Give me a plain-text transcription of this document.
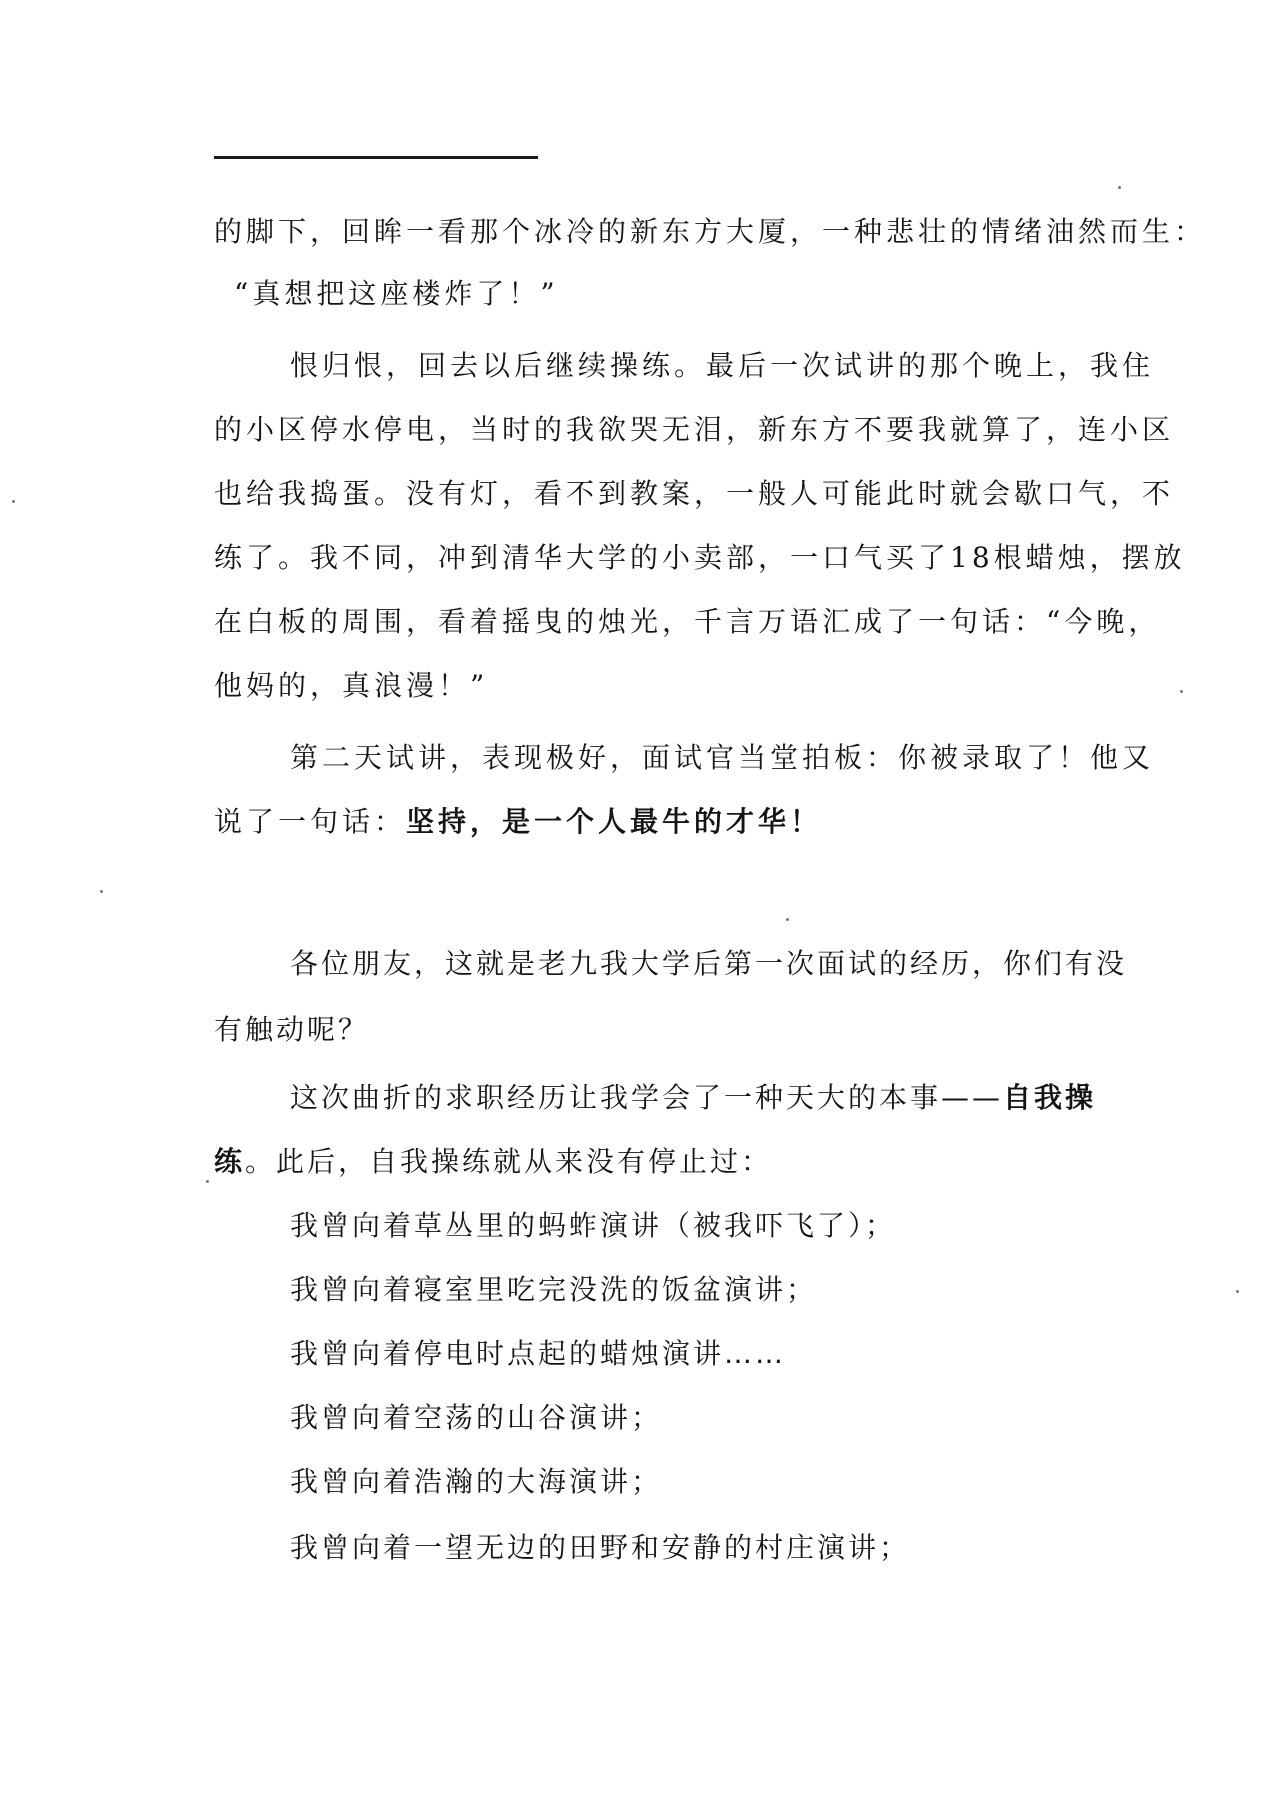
的脚下，回眸一看那个冰冷的新东方大厦，一种悲壮的情绪油然而生：
“真想把这座楼炸了！”
恨归恨，回去以后继续操练。最后一次试讲的那个晚上，我住
的小区停水停电，当时的我欲哭无泪，新东方不要我就算了，连小区
也给我捣蛋。没有灯，看不到教案，一般人可能此时就会歇口气，不
练了。我不同，冲到清华大学的小卖部，一口气买了18根蜡烛，摆放
在白板的周围，看着摇曳的烛光，千言万语汇成了一句话：“今晚，
他妈的，真浪漫！”
第二天试讲，表现极好，面试官当堂拍板：你被录取了！他又
说了一句话：坚持，是一个人最牛的才华！
各位朋友，这就是老九我大学后第一次面试的经历，你们有没
有触动呢？
这次曲折的求职经历让我学会了一种天大的本事——自我操
练。此后，自我操练就从来没有停止过：
我曾向着草丛里的蚂蚱演讲（被我吓飞了）；
我曾向着寝室里吃完没洗的饭盆演讲；
我曾向着停电时点起的蜡烛演讲……
我曾向着空荡的山谷演讲；
我曾向着浩瀚的大海演讲；
我曾向着一望无边的田野和安静的村庄演讲；
